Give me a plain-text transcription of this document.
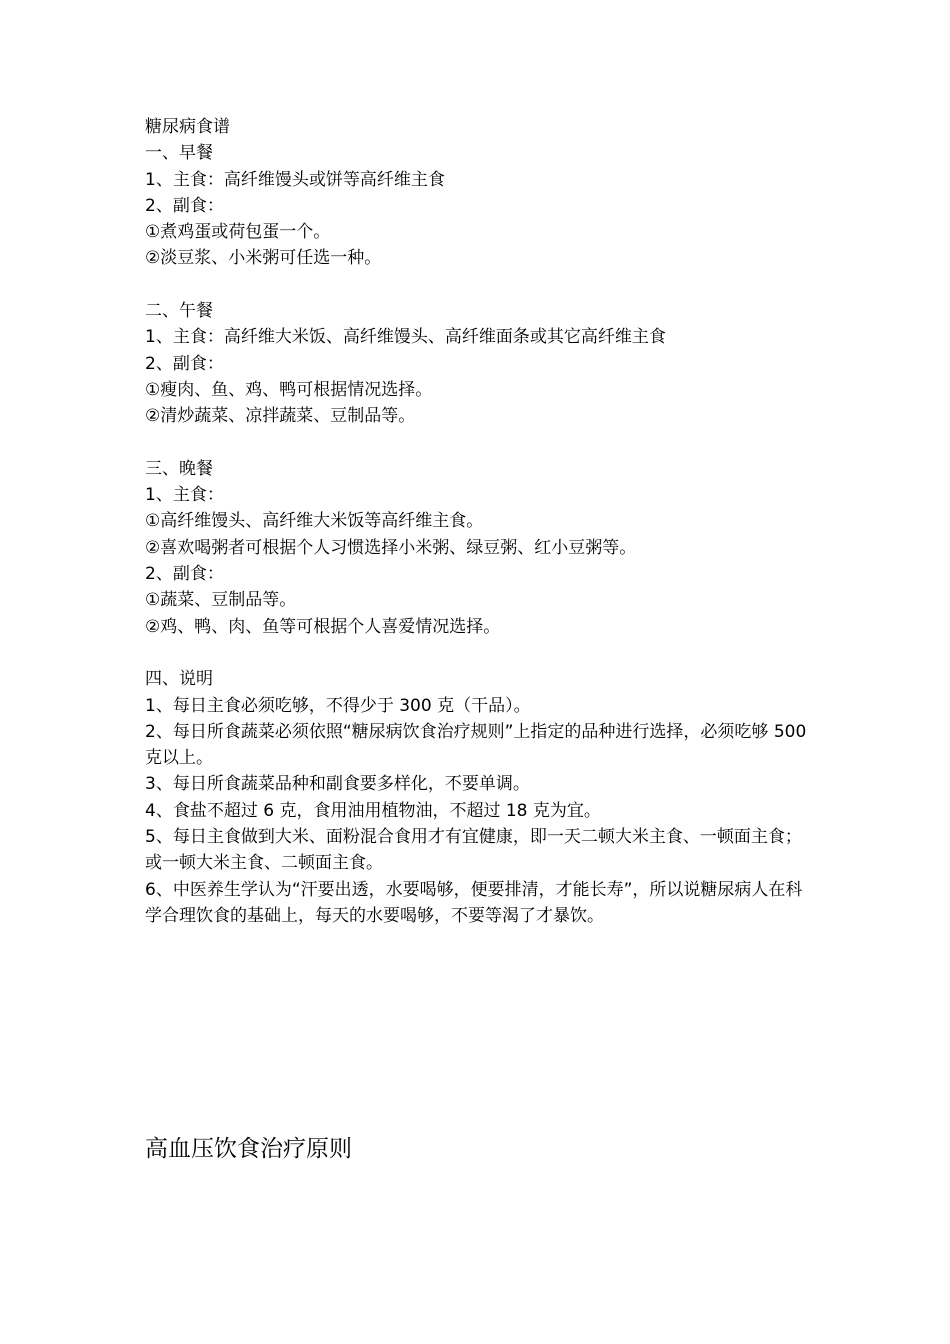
糖尿病食谱

一、早餐

1、主食：高纤维馒头或饼等高纤维主食

2、副食：

①煮鸡蛋或荷包蛋一个。

②淡豆浆、小米粥可任选一种。

二、午餐

1、主食：高纤维大米饭、高纤维馒头、高纤维面条或其它高纤维主食

2、副食：

①瘦肉、鱼、鸡、鸭可根据情况选择。

②清炒蔬菜、凉拌蔬菜、豆制品等。

三、晚餐

1、主食：

①高纤维馒头、高纤维大米饭等高纤维主食。

②喜欢喝粥者可根据个人习惯选择小米粥、绿豆粥、红小豆粥等。

2、副食：

①蔬菜、豆制品等。

②鸡、鸭、肉、鱼等可根据个人喜爱情况选择。

四、说明

1、每日主食必须吃够，不得少于 300 克（干品）。

2、每日所食蔬菜必须依照“糖尿病饮食治疗规则”上指定的品种进行选择，必须吃够 500 克以上。

3、每日所食蔬菜品种和副食要多样化，不要单调。

4、食盐不超过 6 克，食用油用植物油，不超过 18 克为宜。

5、每日主食做到大米、面粉混合食用才有宜健康，即一天二顿大米主食、一顿面主食；或一顿大米主食、二顿面主食。

6、中医养生学认为“汗要出透，水要喝够，便要排清，才能长寿”，所以说糖尿病人在科学合理饮食的基础上，每天的水要喝够，不要等渴了才暴饮。

高血压饮食治疗原则
